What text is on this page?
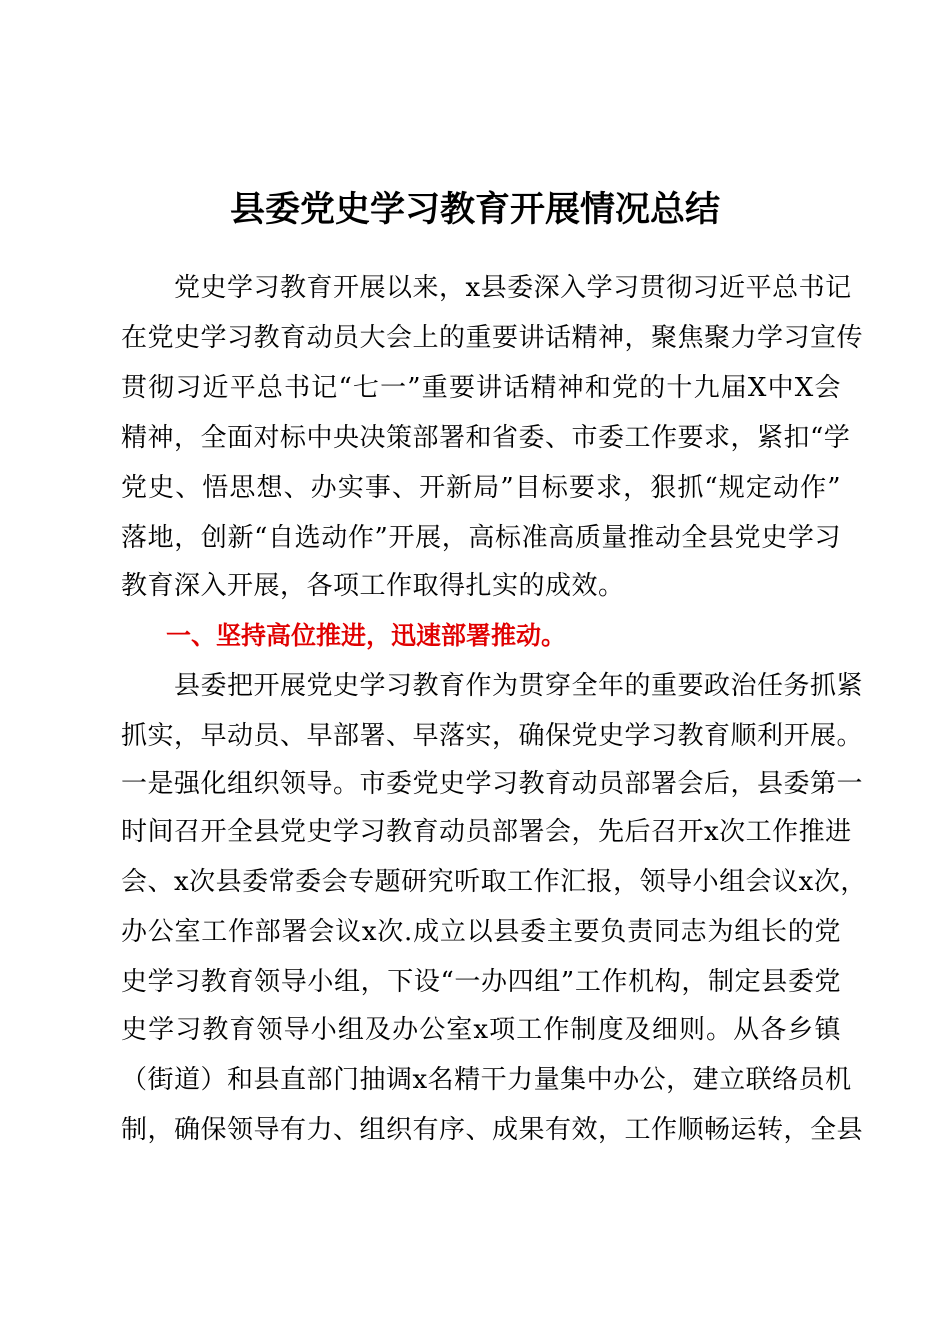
县委党史学习教育开展情况总结
　　党史学习教育开展以来，x县委深入学习贯彻习近平总书记
在党史学习教育动员大会上的重要讲话精神，聚焦聚力学习宣传
贯彻习近平总书记“七一”重要讲话精神和党的十九届X中X会
精神，全面对标中央决策部署和省委、市委工作要求，紧扣“学
党史、悟思想、办实事、开新局”目标要求，狠抓“规定动作”
落地，创新“自选动作”开展，高标准高质量推动全县党史学习
教育深入开展，各项工作取得扎实的成效。
一、坚持高位推进，迅速部署推动。
　　县委把开展党史学习教育作为贯穿全年的重要政治任务抓紧
抓实，早动员、早部署、早落实，确保党史学习教育顺利开展。
一是强化组织领导。市委党史学习教育动员部署会后，县委第一
时间召开全县党史学习教育动员部署会，先后召开x次工作推进
会、x次县委常委会专题研究听取工作汇报，领导小组会议x次，
办公室工作部署会议x次.成立以县委主要负责同志为组长的党
史学习教育领导小组，下设“一办四组”工作机构，制定县委党
史学习教育领导小组及办公室x项工作制度及细则。从各乡镇
（街道）和县直部门抽调x名精干力量集中办公，建立联络员机
制，确保领导有力、组织有序、成果有效，工作顺畅运转，全县
